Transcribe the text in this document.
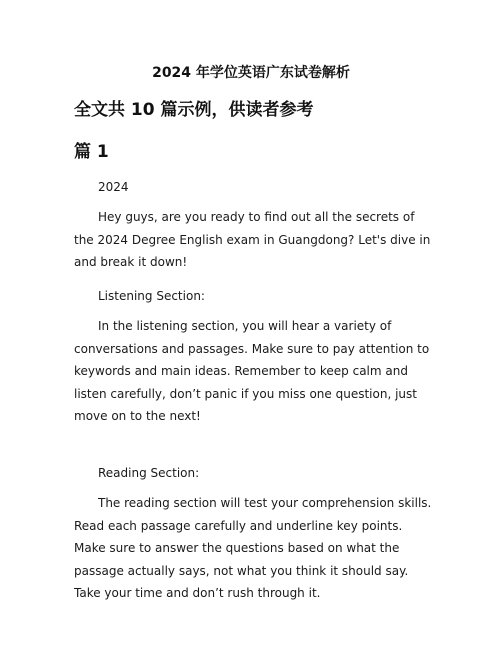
2024 年学位英语广东试卷解析
全文共 10 篇示例，供读者参考
篇 1

2024

Hey guys, are you ready to find out all the secrets of the 2024 Degree English exam in Guangdong? Let's dive in and break it down!

Listening Section:

In the listening section, you will hear a variety of conversations and passages. Make sure to pay attention to keywords and main ideas. Remember to keep calm and listen carefully, don’t panic if you miss one question, just move on to the next!

Reading Section:

The reading section will test your comprehension skills. Read each passage carefully and underline key points. Make sure to answer the questions based on what the passage actually says, not what you think it should say. Take your time and don’t rush through it.
